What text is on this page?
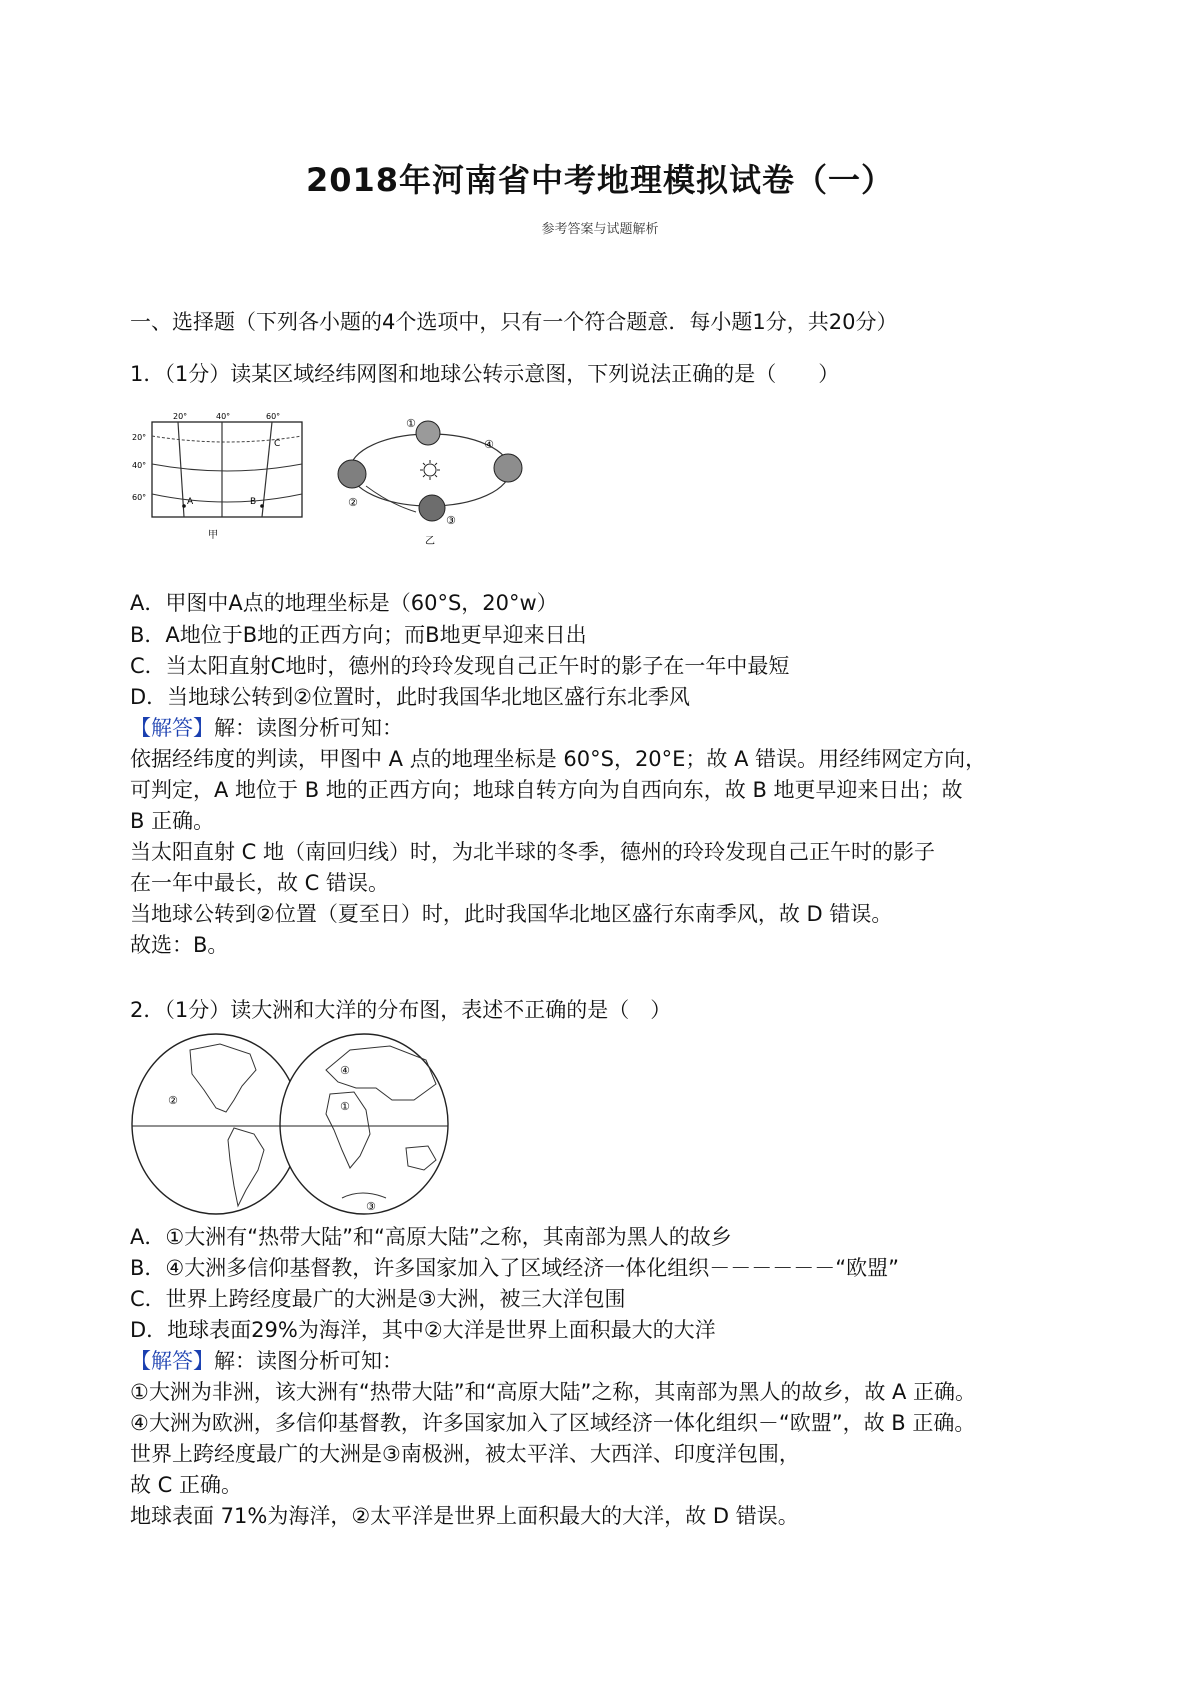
2018年河南省中考地理模拟试卷（一）
参考答案与试题解析
一、选择题（下列各小题的4个选项中，只有一个符合题意．每小题1分，共20分）
1．（1分）读某区域经纬网图和地球公转示意图，下列说法正确的是（　　）
20°	40°	60°
20°
40°
60°	A	B
C
甲
①
②
③
④
乙
A．甲图中A点的地理坐标是（60°S，20°w）
B．A地位于B地的正西方向；而B地更早迎来日出
C．当太阳直射C地时，德州的玲玲发现自己正午时的影子在一年中最短
D．当地球公转到②位置时，此时我国华北地区盛行东北季风
【解答】解：读图分析可知：
依据经纬度的判读，甲图中 A 点的地理坐标是 60°S，20°E；故 A 错误。用经纬网定方向，
可判定，A 地位于 B 地的正西方向；地球自转方向为自西向东，故 B 地更早迎来日出；故
B 正确。
当太阳直射 C 地（南回归线）时，为北半球的冬季，德州的玲玲发现自己正午时的影子
在一年中最长，故 C 错误。
当地球公转到②位置（夏至日）时，此时我国华北地区盛行东南季风，故 D 错误。
故选：B。
2．（1分）读大洲和大洋的分布图，表述不正确的是（　）
②	①
④
③
A．①大洲有“热带大陆”和“高原大陆”之称，其南部为黑人的故乡
B．④大洲多信仰基督教，许多国家加入了区域经济一体化组织－－－－－－“欧盟”
C．世界上跨经度最广的大洲是③大洲，被三大洋包围
D．地球表面29%为海洋，其中②大洋是世界上面积最大的大洋
【解答】解：读图分析可知：
①大洲为非洲，该大洲有“热带大陆”和“高原大陆”之称，其南部为黑人的故乡，故 A 正确。
④大洲为欧洲，多信仰基督教，许多国家加入了区域经济一体化组织－“欧盟”，故 B 正确。
世界上跨经度最广的大洲是③南极洲，被太平洋、大西洋、印度洋包围，
故 C 正确。
地球表面 71%为海洋，②太平洋是世界上面积最大的大洋，故 D 错误。
